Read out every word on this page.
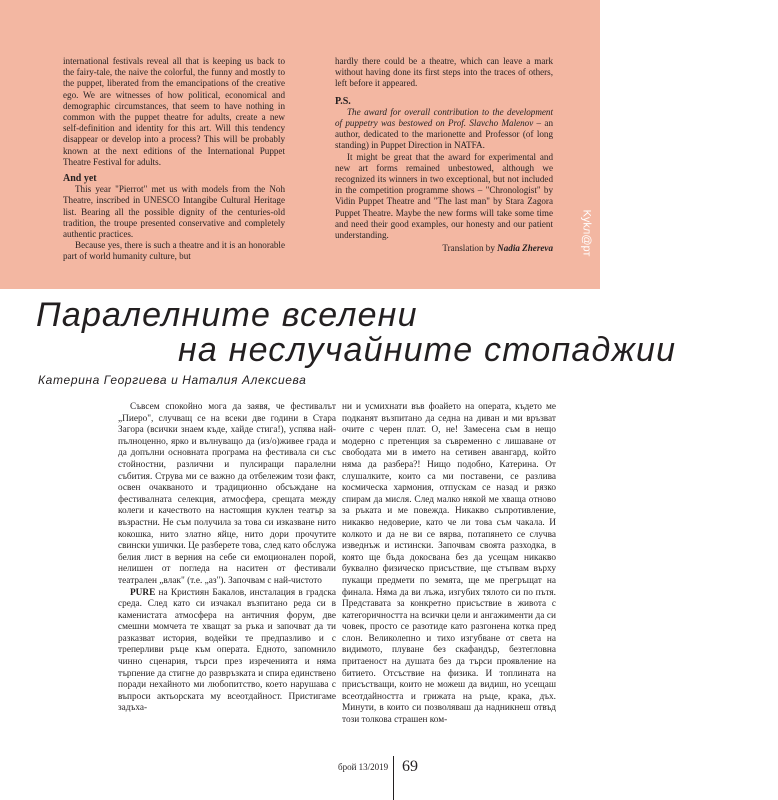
international festivals reveal all that is keeping us back to the fairy-tale, the naive the colorful, the funny and mostly to the puppet, liberated from the emancipations of the creative ego. We are witnesses of how political, economical and demographic circumstances, that seem to have nothing in common with the puppet theatre for adults, create a new self-definition and identity for this art. Will this tendency disappear or develop into a process? This will be probably known at the next editions of the International Puppet Theatre Festival for adults.

And yet

This year "Pierrot" met us with models from the Noh Theatre, inscribed in UNESCO Intangibe Cultural Heritage list. Bearing all the possible dignity of the centuries-old tradition, the troupe presented conservative and completely authentic practices.

Because yes, there is such a theatre and it is an honorable part of world humanity culture, but

hardly there could be a theatre, which can leave a mark without having done its first steps into the traces of others, left before it appeared.

P.S.

The award for overall contribution to the development of puppetry was bestowed on Prof. Slavcho Malenov – an author, dedicated to the marionette and Professor (of long standing) in Puppet Direction in NATFA.

It might be great that the award for experimental and new art forms remained unbestowed, although we recognized its winners in two exceptional, but not included in the competition programme shows – "Chronologist" by Vidin Puppet Theatre and "The last man" by Stara Zagora Puppet Theatre. Maybe the new forms will take some time and need their good examples, our honesty and our patient understanding.

Translation by Nadia Zhereva Kykл@рт
Паралелните вселени
на неслучайните стопаджии
Катерина Георгиева и Наталия Алексиева

Съвсем спокойно мога да заявя, че фестивалът „Пиеро", случващ се на всеки две години в Стара Загора (всички знаем къде, хайде стига!), успява най-пълноценно, ярко и вълнуващо да (из/о)живее града и да допълни основната програма на фестивала си със стойностни, различни и пулсиращи паралелни събития. Струва ми се важно да отбележим този факт, освен очакваното и традиционно обсъждане на фестивалната селекция, атмосфера, срещата между колеги и качеството на настоящия куклен театър за възрастни. Не съм получила за това си изказване нито кокошка, нито златно яйце, нито дори прочутите свински ушички. Це разберете това, след като обслужа белия лист в верния на себе си емоционален порой, нелишен от погледа на наситен от фестивали театрален „влак" (т.е. „аз"). Започвам с най-чистото

PURE на Кристиян Бакалов, инсталация в градска среда. След като си изчакал възпитано реда си в каменистата атмосфера на античния форум, две смешни момчета те хващат за ръка и започват да ти разказват история, водейки те предпазливо и с треперливи ръце към операта. Едното, запомнило чинно сценария, търси през изреченията и няма търпение да стигне до развръзката и спира единствено поради нехайното ми любопитство, което нарушава с въпроси актьорската му всеотдайност. Пристигаме задъха-

ни и усмихнати във фоайето на операта, където ме подканят възпитано да седна на диван и ми връзват очите с черен плат. О, не! Замесена съм в нещо модерно с претенция за съвременно с лишаване от свободата ми в името на сетивен авангард, който няма да разбера?! Нищо подобно, Катерина. От слушалките, които са ми поставени, се разлива космическа хармония, отпускам се назад и рязко спирам да мисля. След малко някой ме хваща отново за ръката и ме повежда. Никакво съпротивление, никакво недоверие, като че ли това съм чакала. И колкото и да не ви се вярва, потапянето се случва изведнъж и истински. Започвам своята разходка, в която ще бъда докосвана без да усещам никакво буквално физическо присъствие, ще стъпвам върху пукащи предмети по земята, ще ме прегръщат на финала. Няма да ви лъжа, изгубих тялото си по пътя. Представата за конкретно присъствие в живота с категоричността на всички цели и ангажименти да си човек, просто се разотиде като разгонена котка пред слон. Великолепно и тихо изгубване от света на видимото, плуване без скафандър, безтегловна притаеност на душата без да търси проявление на битието. Отсъствие на физика. И топлината на присъстващи, които не можеш да видиш, но усещаш всеотдайността и грижата на ръце, крака, дъх. Минути, в които си позволяваш да надникнеш отвъд този толкова страшен ком-

брой 13/2019 69
